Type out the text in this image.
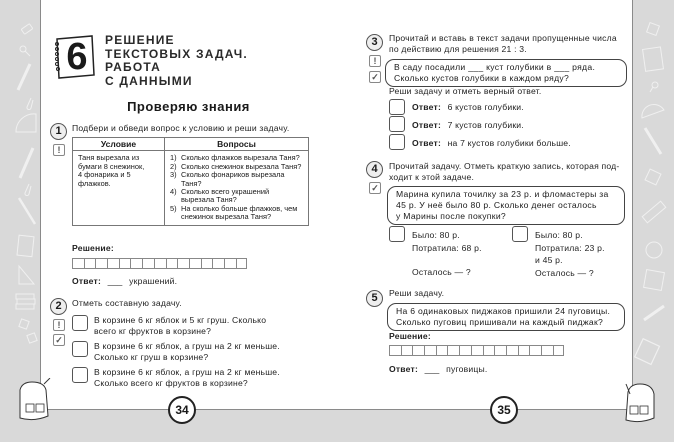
6	РЕШЕНИЕ
ТЕКСТОВЫХ ЗАДАЧ.
РАБОТА
С ДАННЫМИ
Проверяю знания
1
!
Подбери и обведи вопрос к условию и реши задачу.
Условие	Вопросы
Таня вырезала из бумаги 8 снежинок, 4 фонарика и 5 флажков.	
1) Сколько флажков вырезала Таня?
2) Сколько снежинок вырезала Таня?
3) Сколько фонариков вырезала Таня?
4) Сколько всего украшений вырезала Таня?
5) На сколько больше флажков, чем снежинок вырезала Таня?
Решение:
Ответ: ___ украшений.
2	Отметь составную задачу.
!
✓
В корзине 6 кг яблок и 5 кг груш. Сколько
всего кг фруктов в корзине?
В корзине 6 кг яблок, а груш на 2 кг меньше.
Сколько кг груш в корзине?
В корзине 6 кг яблок, а груш на 2 кг меньше.
Сколько всего кг фруктов в корзине?
34	35
3
!
✓
Прочитай и вставь в текст задачи пропущенные числа
по действию для решения 21 : 3.
В саду посадили ___ куст голубики в ___ ряда.
Сколько кустов голубики в каждом ряду?
Реши задачу и отметь верный ответ.
Ответ: 6 кустов голубики.
Ответ: 7 кустов голубики.
Ответ: на 7 кустов голубики больше.
4
✓
Прочитай задачу. Отметь краткую запись, которая под-
ходит к этой задаче.
Марина купила точилку за 23 р. и фломастеры за
45 р. У неё было 80 р. Сколько денег осталось
у Марины после покупки?
Было: 80 р.
Потратила: 68 р.
Осталось — ?
Было: 80 р.
Потратила: 23 р.
и 45 р.
Осталось — ?
5	Реши задачу.
На 6 одинаковых пиджаков пришили 24 пуговицы.
Сколько пуговиц пришивали на каждый пиджак?
Решение:
Ответ: ___ пуговицы.
